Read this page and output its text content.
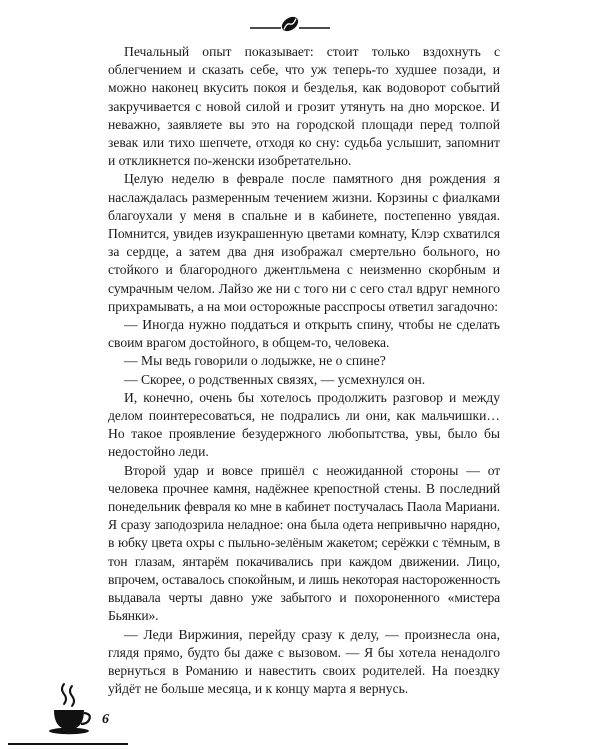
Печальный опыт показывает: стоит только вздохнуть с облегчением и сказать себе, что уж теперь-то худшее позади, и можно наконец вкусить покоя и безделья, как водоворот событий закручивается с новой силой и грозит утянуть на дно морское. И неважно, заявляете вы это на городской площади перед толпой зевак или тихо шепчете, отходя ко сну: судьба услышит, запомнит и откликнется по-женски изобретательно.

Целую неделю в феврале после памятного дня рождения я наслаждалась размеренным течением жизни. Корзины с фиалками благоухали у меня в спальне и в кабинете, постепенно увядая. Помнится, увидев изукрашенную цветами комнату, Клэр схватился за сердце, а затем два дня изображал смертельно больного, но стойкого и благородного джентльмена с неизменно скорбным и сумрачным челом. Лайзо же ни с того ни с сего стал вдруг немного прихрамывать, а на мои осторожные расспросы ответил загадочно:

— Иногда нужно поддаться и открыть спину, чтобы не сделать своим врагом достойного, в общем-то, человека.

— Мы ведь говорили о лодыжке, не о спине?

— Скорее, о родственных связях, — усмехнулся он.

И, конечно, очень бы хотелось продолжить разговор и между делом поинтересоваться, не подрались ли они, как мальчишки… Но такое проявление безудержного любопытства, увы, было бы недостойно леди.

Второй удар и вовсе пришёл с неожиданной стороны — от человека прочнее камня, надёжнее крепостной стены. В последний понедельник февраля ко мне в кабинет постучалась Паола Мариани. Я сразу заподозрила неладное: она была одета непривычно нарядно, в юбку цвета охры с пыльно-зелёным жакетом; серёжки с тёмным, в тон глазам, янтарём покачивались при каждом движении. Лицо, впрочем, оставалось спокойным, и лишь некоторая настороженность выдавала черты давно уже забытого и похороненного «мистера Бьянки».

— Леди Виржиния, перейду сразу к делу, — произнесла она, глядя прямо, будто бы даже с вызовом. — Я бы хотела ненадолго вернуться в Романию и навестить своих родителей. На поездку уйдёт не больше месяца, и к концу марта я вернусь.

6
